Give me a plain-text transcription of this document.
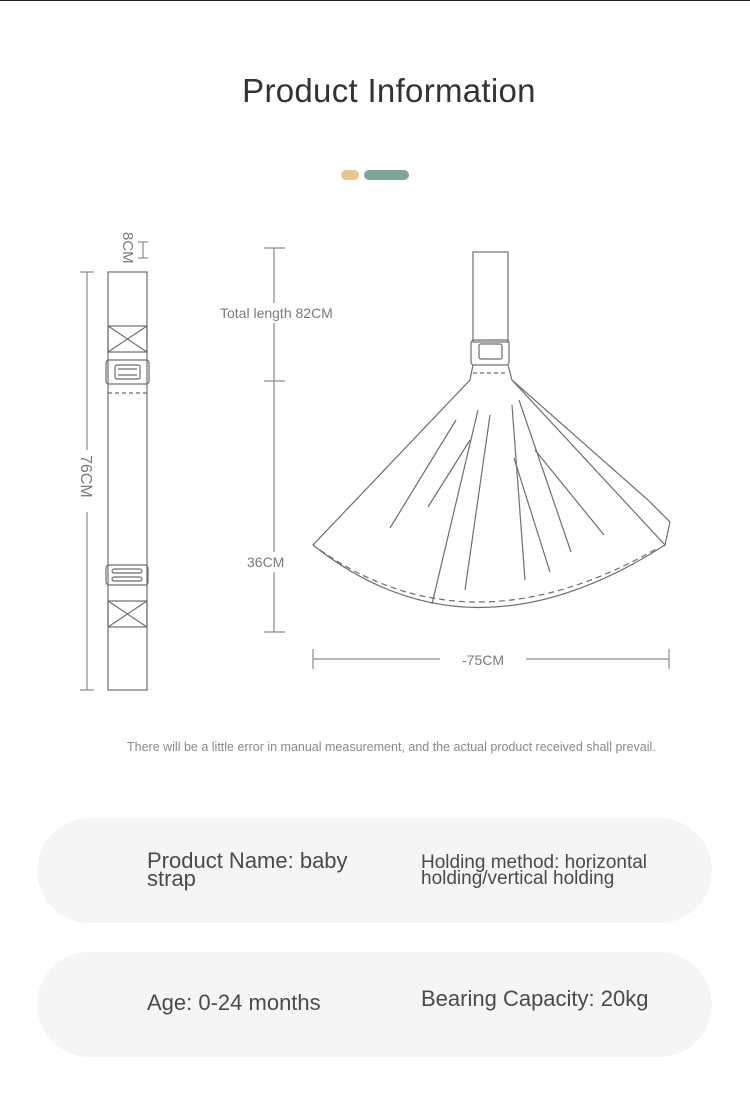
Product Information
8CM
76CM
Total length 82CM
36CM
-75CM
There will be a little error in manual measurement, and the actual product received shall prevail.
Product Name: baby strap
Holding method: horizontal holding/vertical holding
Age: 0-24 months	Bearing Capacity: 20kg
